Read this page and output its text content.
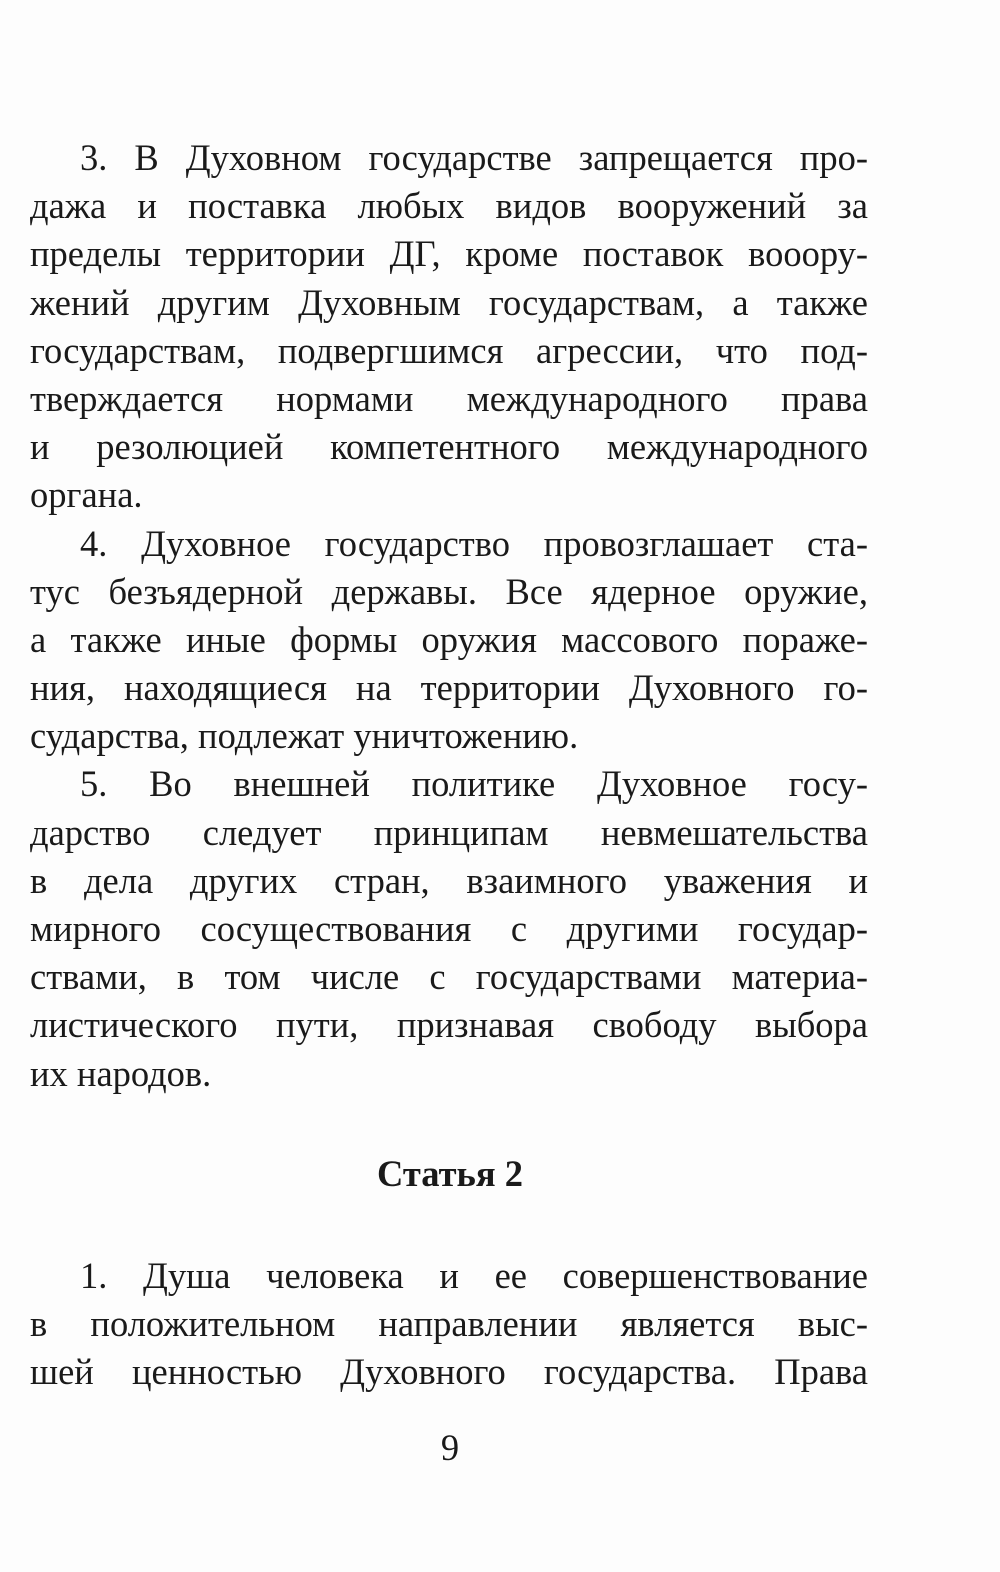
3. В Духовном государстве запрещается про-
дажа и поставка любых видов вооружений за
пределы территории ДГ, кроме поставок вооору-
жений другим Духовным государствам, а также
государствам, подвергшимся агрессии, что под-
тверждается нормами международного права
и резолюцией компетентного международного
органа.
4. Духовное государство провозглашает ста-
тус безъядерной державы. Все ядерное оружие,
а также иные формы оружия массового пораже-
ния, находящиеся на территории Духовного го-
сударства, подлежат уничтожению.
5. Во внешней политике Духовное госу-
дарство следует принципам невмешательства
в дела других стран, взаимного уважения и
мирного сосуществования с другими государ-
ствами, в том числе с государствами материа-
листического пути, признавая свободу выбора
их народов.
Статья 2
1. Душа человека и ее совершенствование
в положительном направлении является выс-
шей ценностью Духовного государства. Права
9
